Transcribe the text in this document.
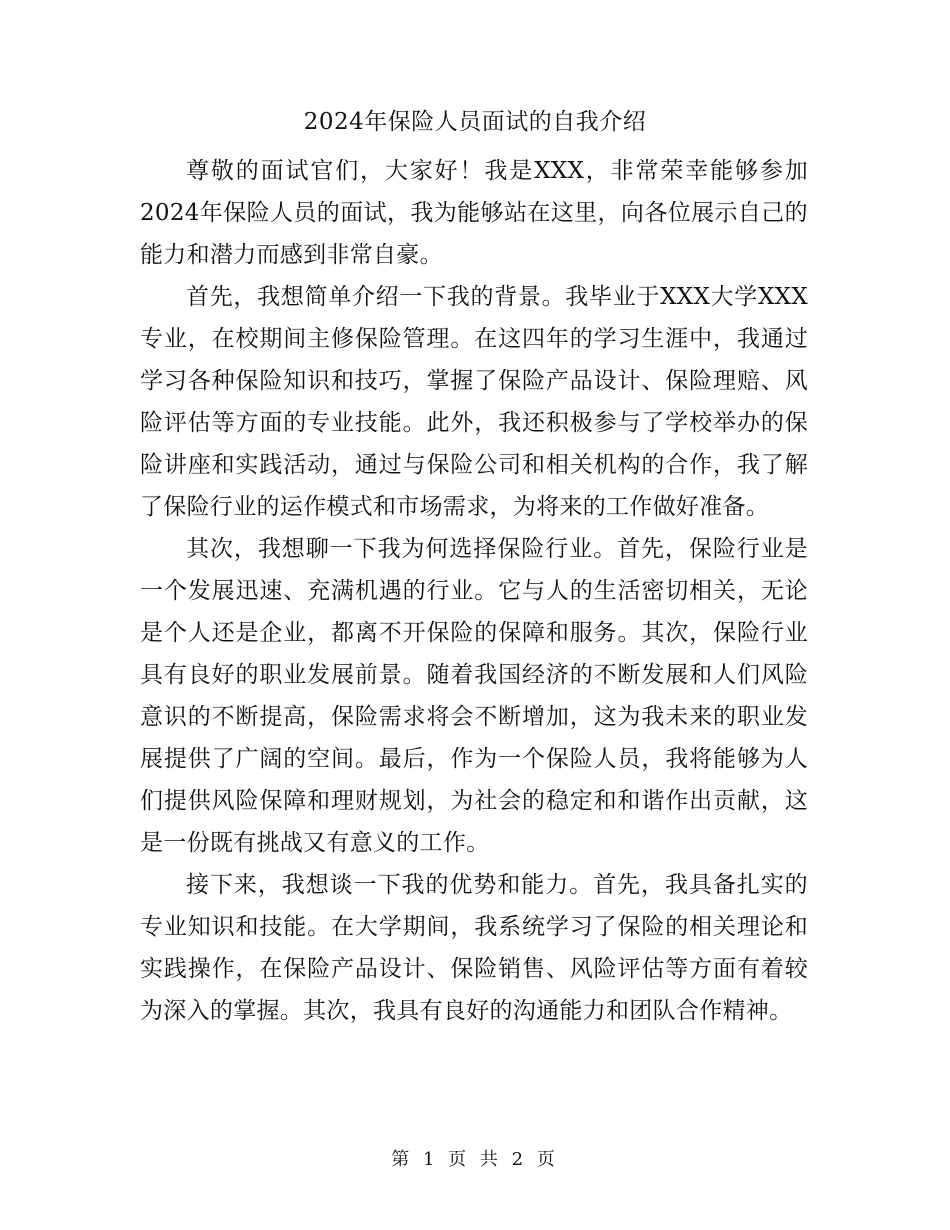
2024年保险人员面试的自我介绍

尊敬的面试官们，大家好！我是XXX，非常荣幸能够参加2024年保险人员的面试，我为能够站在这里，向各位展示自己的能力和潜力而感到非常自豪。

首先，我想简单介绍一下我的背景。我毕业于XXX大学XXX专业，在校期间主修保险管理。在这四年的学习生涯中，我通过学习各种保险知识和技巧，掌握了保险产品设计、保险理赔、风险评估等方面的专业技能。此外，我还积极参与了学校举办的保险讲座和实践活动，通过与保险公司和相关机构的合作，我了解了保险行业的运作模式和市场需求，为将来的工作做好准备。

其次，我想聊一下我为何选择保险行业。首先，保险行业是一个发展迅速、充满机遇的行业。它与人的生活密切相关，无论是个人还是企业，都离不开保险的保障和服务。其次，保险行业具有良好的职业发展前景。随着我国经济的不断发展和人们风险意识的不断提高，保险需求将会不断增加，这为我未来的职业发展提供了广阔的空间。最后，作为一个保险人员，我将能够为人们提供风险保障和理财规划，为社会的稳定和和谐作出贡献，这是一份既有挑战又有意义的工作。

接下来，我想谈一下我的优势和能力。首先，我具备扎实的专业知识和技能。在大学期间，我系统学习了保险的相关理论和实践操作，在保险产品设计、保险销售、风险评估等方面有着较为深入的掌握。其次，我具有良好的沟通能力和团队合作精神。

第 1 页 共 2 页
